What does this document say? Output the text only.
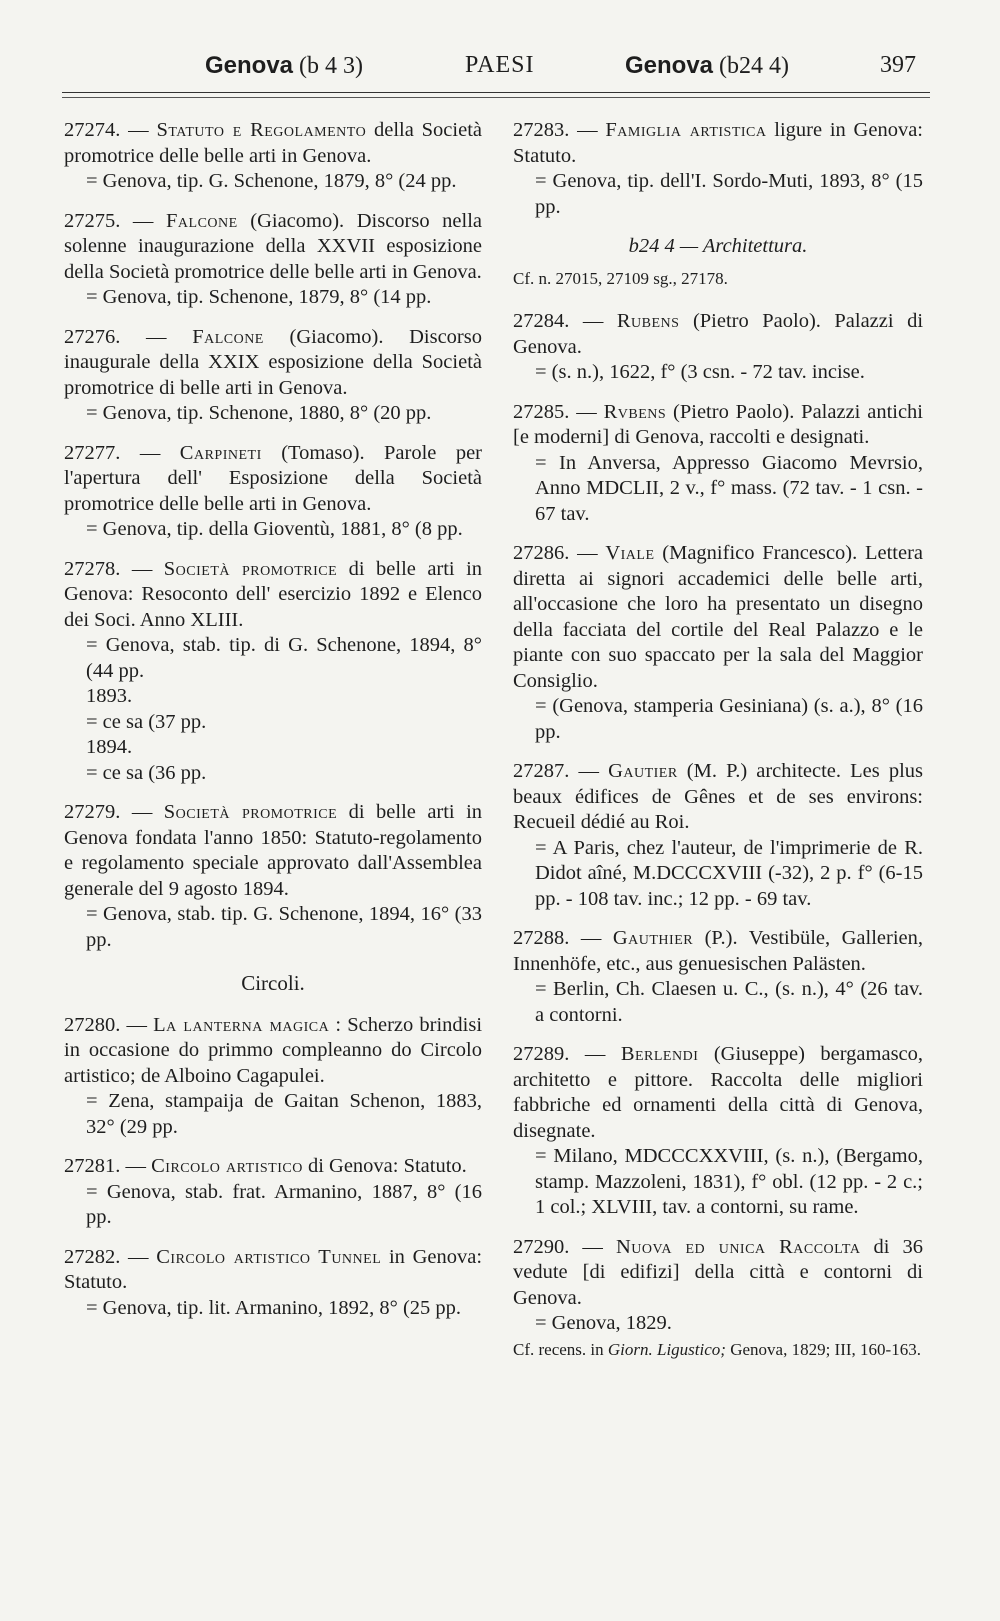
Genova (b 4 3)	PAESI	Genova (b24 4)	397
27274. — Statuto e Regolamento della Società promotrice delle belle arti in Genova.
= Genova, tip. G. Schenone, 1879, 8° (24 pp.
27275. — Falcone (Giacomo). Discorso nella solenne inaugurazione della XXVII esposizione della Società promotrice delle belle arti in Genova.
= Genova, tip. Schenone, 1879, 8° (14 pp.
27276. — Falcone (Giacomo). Discorso inaugurale della XXIX esposizione della Società promotrice di belle arti in Genova.
= Genova, tip. Schenone, 1880, 8° (20 pp.
27277. — Carpineti (Tomaso). Parole per l'apertura dell' Esposizione della Società promotrice delle belle arti in Genova.
= Genova, tip. della Gioventù, 1881, 8° (8 pp.
27278. — Società promotrice di belle arti in Genova: Resoconto dell' esercizio 1892 e Elenco dei Soci. Anno XLIII.
= Genova, stab. tip. di G. Schenone, 1894, 8° (44 pp.
1893.
= ce sa (37 pp.
1894.
= ce sa (36 pp.
27279. — Società promotrice di belle arti in Genova fondata l'anno 1850: Statuto-regolamento e regolamento speciale approvato dall'Assemblea generale del 9 agosto 1894.
= Genova, stab. tip. G. Schenone, 1894, 16° (33 pp.
Circoli.
27280. — La lanterna magica : Scherzo brindisi in occasione do primmo compleanno do Circolo artistico; de Alboino Cagapulei.
= Zena, stampaija de Gaitan Schenon, 1883, 32° (29 pp.
27281. — Circolo artistico di Genova: Statuto.
= Genova, stab. frat. Armanino, 1887, 8° (16 pp.
27282. — Circolo artistico Tunnel in Genova: Statuto.
= Genova, tip. lit. Armanino, 1892, 8° (25 pp.
27283. — Famiglia artistica ligure in Genova: Statuto.
= Genova, tip. dell'I. Sordo-Muti, 1893, 8° (15 pp.
b24 4 — Architettura.
Cf. n. 27015, 27109 sg., 27178.
27284. — Rubens (Pietro Paolo). Palazzi di Genova.
= (s. n.), 1622, f° (3 csn. - 72 tav. incise.
27285. — Rvbens (Pietro Paolo). Palazzi antichi [e moderni] di Genova, raccolti e designati.
= In Anversa, Appresso Giacomo Mevrsio, Anno MDCLII, 2 v., f° mass. (72 tav. - 1 csn. - 67 tav.
27286. — Viale (Magnifico Francesco). Lettera diretta ai signori accademici delle belle arti, all'occasione che loro ha presentato un disegno della facciata del cortile del Real Palazzo e le piante con suo spaccato per la sala del Maggior Consiglio.
= (Genova, stamperia Gesiniana) (s. a.), 8° (16 pp.
27287. — Gautier (M. P.) architecte. Les plus beaux édifices de Gênes et de ses environs: Recueil dédié au Roi.
= A Paris, chez l'auteur, de l'imprimerie de R. Didot aîné, M.DCCCXVIII (-32), 2 p. f° (6-15 pp. - 108 tav. inc.; 12 pp. - 69 tav.
27288. — Gauthier (P.). Vestibüle, Gallerien, Innenhöfe, etc., aus genuesischen Palästen.
= Berlin, Ch. Claesen u. C., (s. n.), 4° (26 tav. a contorni.
27289. — Berlendi (Giuseppe) bergamasco, architetto e pittore. Raccolta delle migliori fabbriche ed ornamenti della città di Genova, disegnate.
= Milano, MDCCCXXVIII, (s. n.), (Bergamo, stamp. Mazzoleni, 1831), f° obl. (12 pp. - 2 c.; 1 col.; XLVIII, tav. a contorni, su rame.
27290. — Nuova ed unica Raccolta di 36 vedute [di edifizi] della città e contorni di Genova.
= Genova, 1829.
Cf. recens. in Giorn. Ligustico; Genova, 1829; III, 160-163.
